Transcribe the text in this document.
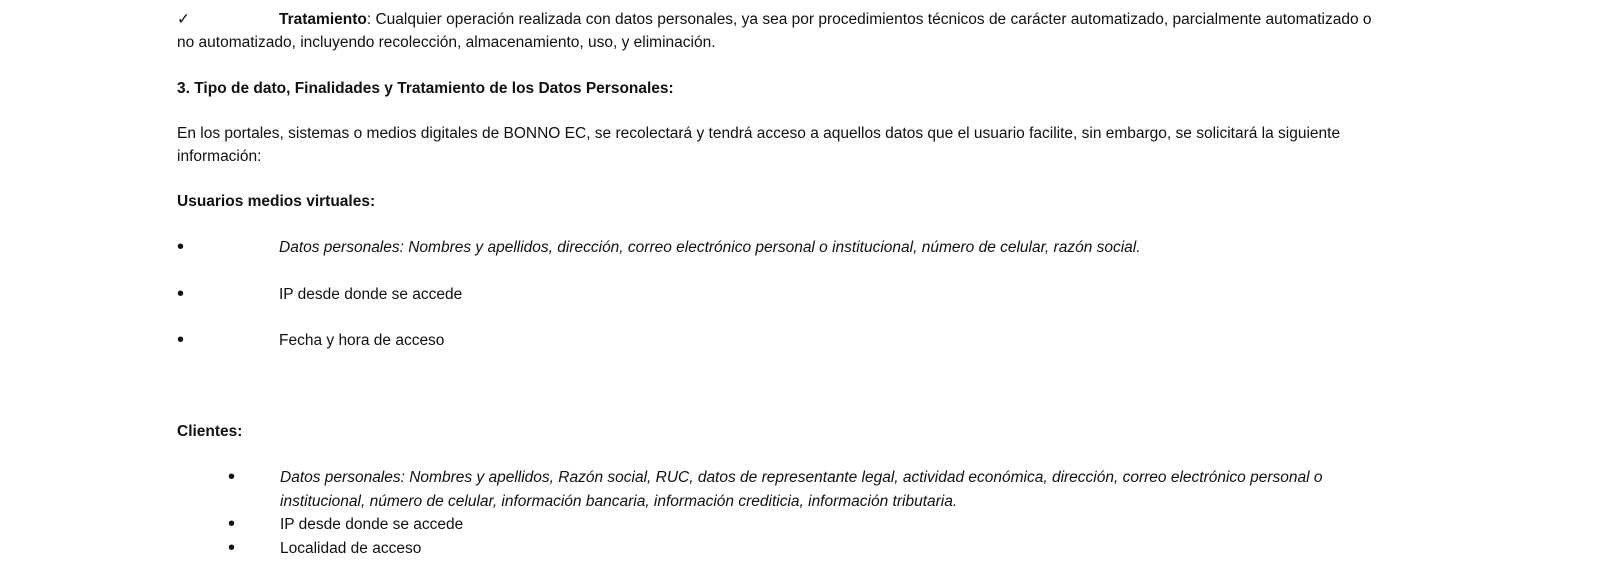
✓	Tratamiento: Cualquier operación realizada con datos personales, ya sea por procedimientos técnicos de carácter automatizado, parcialmente automatizado o
no automatizado, incluyendo recolección, almacenamiento, uso, y eliminación.
3. Tipo de dato, Finalidades y Tratamiento de los Datos Personales:
En los portales, sistemas o medios digitales de BONNO EC, se recolectará y tendrá acceso a aquellos datos que el usuario facilite, sin embargo, se solicitará la siguiente
información:
Usuarios medios virtuales:
•	Datos personales: Nombres y apellidos, dirección, correo electrónico personal o institucional, número de celular, razón social.
•	IP desde donde se accede
•	Fecha y hora de acceso
Clientes:
•	Datos personales: Nombres y apellidos, Razón social, RUC, datos de representante legal, actividad económica, dirección, correo electrónico personal o
institucional, número de celular, información bancaria, información crediticia, información tributaria.
•	IP desde donde se accede
•	Localidad de acceso
